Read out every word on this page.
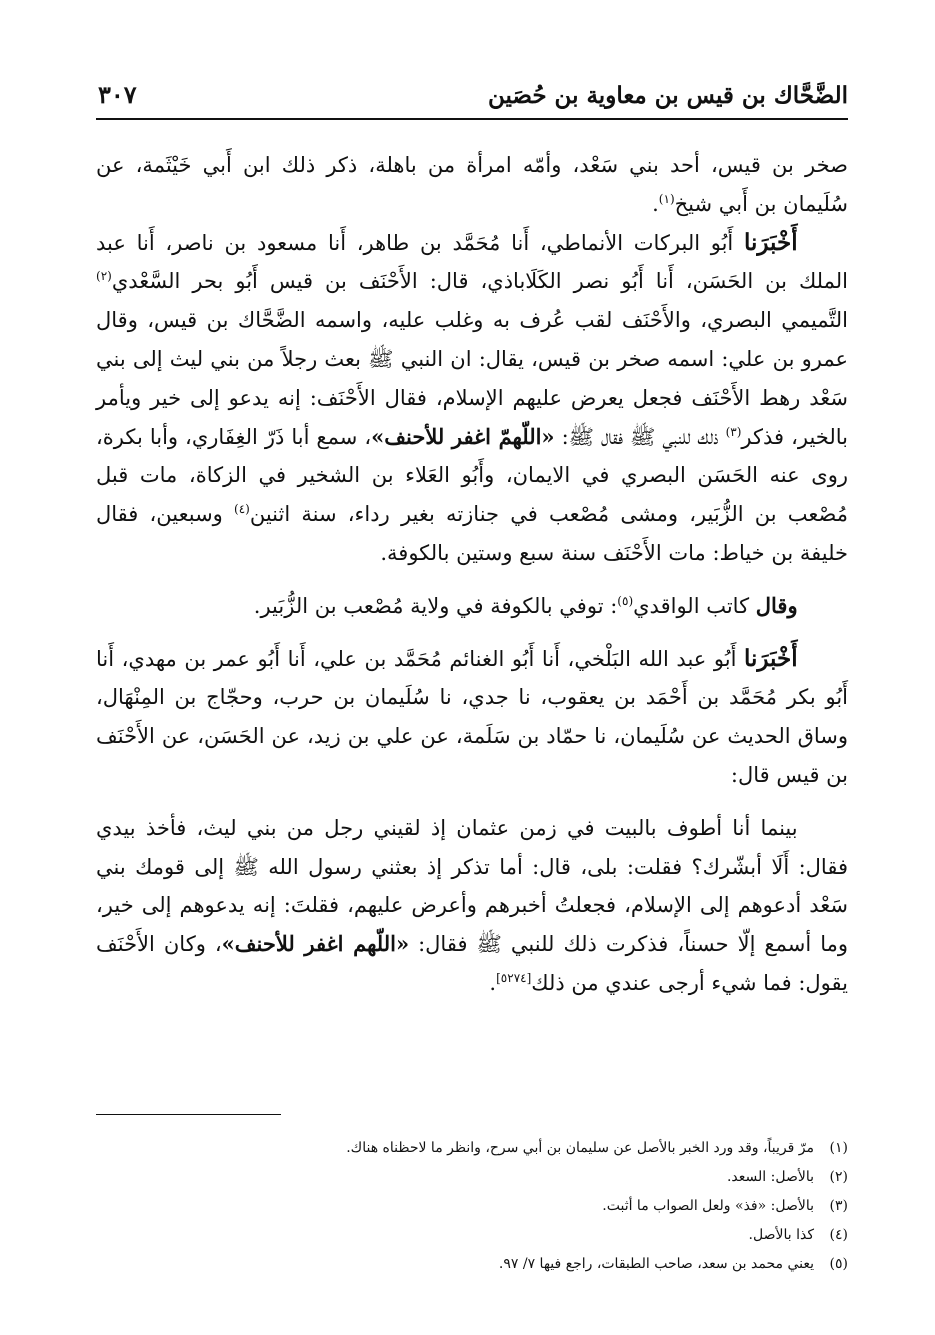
الضَّحَّاك بن قيس بن معاوية بن حُصَين
٣٠٧

صخر بن قيس، أحد بني سَعْد، وأمّه امرأة من باهلة، ذكر ذلك ابن أَبي خَيْثَمة، عن سُلَيمان بن أَبي شيخ$^{(١)}$.

أَخْبَرَنا أَبُو البركات الأنماطي، أَنا مُحَمَّد بن طاهر، أَنا مسعود بن ناصر، أَنا عبد الملك بن الحَسَن، أَنا أَبُو نصر الكَلَاباذي، قال: الأَحْنَف بن قيس أَبُو بحر السَّعْدي$^{(٢)}$ التَّميمي البصري، والأَحْنَف لقب عُرف به وغلب عليه، واسمه الضَّحَّاك بن قيس، وقال عمرو بن علي: اسمه صخر بن قيس، يقال: ان النبي ﷺ بعث رجلاً من بني ليث إلى بني سَعْد رهط الأَحْنَف فجعل يعرض عليهم الإسلام، فقال الأَحْنَف: إنه يدعو إلى خير ويأمر بالخير، فذكر$^{(٣)}$ ذلك للنبي ﷺ فقال ﷺ: «اللّهمّ اغفر للأحنف»، سمع أبا ذَرّ الغِفَاري، وأبا بكرة، روى عنه الحَسَن البصري في الايمان، وأَبُو العَلاء بن الشخير في الزكاة، مات قبل مُصْعب بن الزُّبَير، ومشى مُصْعب في جنازته بغير رداء، سنة اثنين$^{(٤)}$ وسبعين، فقال خليفة بن خياط: مات الأَحْنَف سنة سبع وستين بالكوفة.

وقال كاتب الواقدي$^{(٥)}$: توفي بالكوفة في ولاية مُصْعب بن الزُّبَير.

أَخْبَرَنا أَبُو عبد الله البَلْخي، أَنا أَبُو الغنائم مُحَمَّد بن علي، أَنا أَبُو عمر بن مهدي، أَنا أَبُو بكر مُحَمَّد بن أَحْمَد بن يعقوب، نا جدي، نا سُلَيمان بن حرب، وحجّاج بن المِنْهَال، وساق الحديث عن سُلَيمان، نا حمّاد بن سَلَمة، عن علي بن زيد، عن الحَسَن، عن الأَحْنَف بن قيس قال:

بينما أنا أطوف بالبيت في زمن عثمان إذ لقيني رجل من بني ليث، فأخذ بيدي فقال: أَلَا أبشّرك؟ فقلت: بلى، قال: أما تذكر إذ بعثني رسول الله ﷺ إلى قومك بني سَعْد أدعوهم إلى الإسلام، فجعلتُ أخبرهم وأعرض عليهم، فقلتَ: إنه يدعوهم إلى خير، وما أسمع إلّا حسناً، فذكرت ذلك للنبي ﷺ فقال: «اللّهم اغفر للأحنف»، وكان الأَحْنَف يقول: فما شيء أرجى عندي من ذلك[٥٢٧٤].

(١)مرّ قريباً، وقد ورد الخبر بالأصل عن سليمان بن أبي سرح، وانظر ما لاحظناه هناك.
(٢)بالأصل: السعد.
(٣)بالأصل: «فذ» ولعل الصواب ما أثبت.
(٤)كذا بالأصل.
(٥)يعني محمد بن سعد، صاحب الطبقات، راجع فيها ٧/ ٩٧.
